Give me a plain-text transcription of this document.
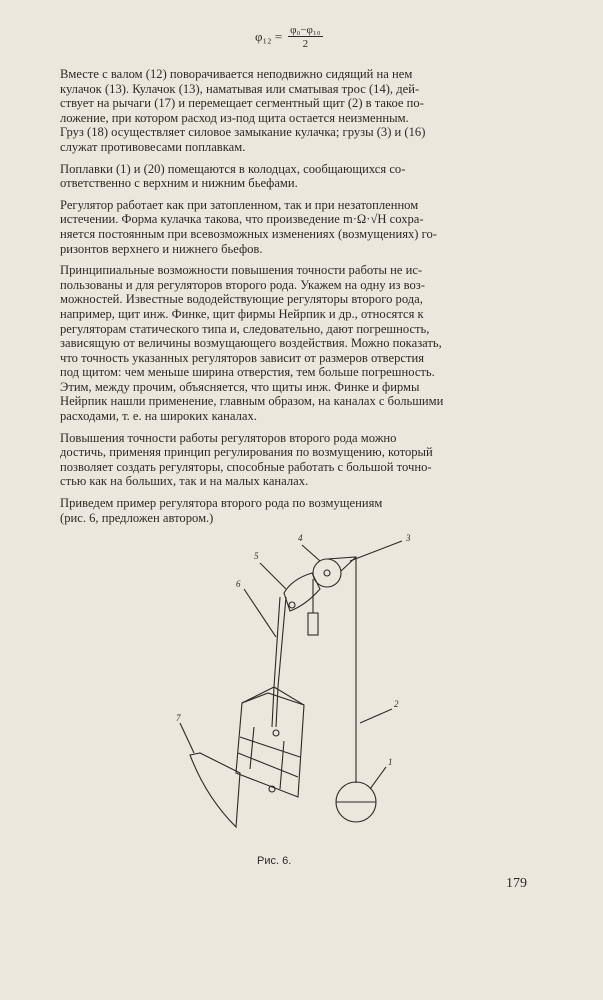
$\varphi_{12} = \frac{\text{φ₀−φ₁₀}}{2}$
Вместе с валом (12) поворачивается неподвижно сидящий на нем
кулачок (13). Кулачок (13), наматывая или сматывая трос (14), дей-
ствует на рычаги (17) и перемещает сегментный щит (2) в такое по-
ложение, при котором расход из-под щита остается неизменным.
Груз (18) осуществляет силовое замыкание кулачка; грузы (3) и (16)
служат противовесами поплавкам.
Поплавки (1) и (20) помещаются в колодцах, сообщающихся со-
ответственно с верхним и нижним бьефами.
Регулятор работает как при затопленном, так и при незатопленном
истечении. Форма кулачка такова, что произведение m·Ω·√H сохра-
няется постоянным при всевозможных изменениях (возмущениях) го-
ризонтов верхнего и нижнего бьефов.
Принципиальные возможности повышения точности работы не ис-
пользованы и для регуляторов второго рода. Укажем на одну из воз-
можностей. Известные вододействующие регуляторы второго рода,
например, щит инж. Финке, щит фирмы Нейрпик и др., относятся к
регуляторам статического типа и, следовательно, дают погрешность,
зависящую от величины возмущающего воздействия. Можно показать,
что точность указанных регуляторов зависит от размеров отверстия
под щитом: чем меньше ширина отверстия, тем больше погрешность.
Этим, между прочим, объясняется, что щиты инж. Финке и фирмы
Нейрпик нашли применение, главным образом, на каналах с большими
расходами, т. е. на широких каналах.
Повышения точности работы регуляторов второго рода можно
достичь, применяя принцип регулирования по возмущению, который
позволяет создать регуляторы, способные работать с большой точно-
стью как на больших, так и на малых каналах.
Приведем пример регулятора второго рода по возмущениям
(рис. 6, предложен автором.)
1
2
3
4
5
6
7
Рис. 6.
179
